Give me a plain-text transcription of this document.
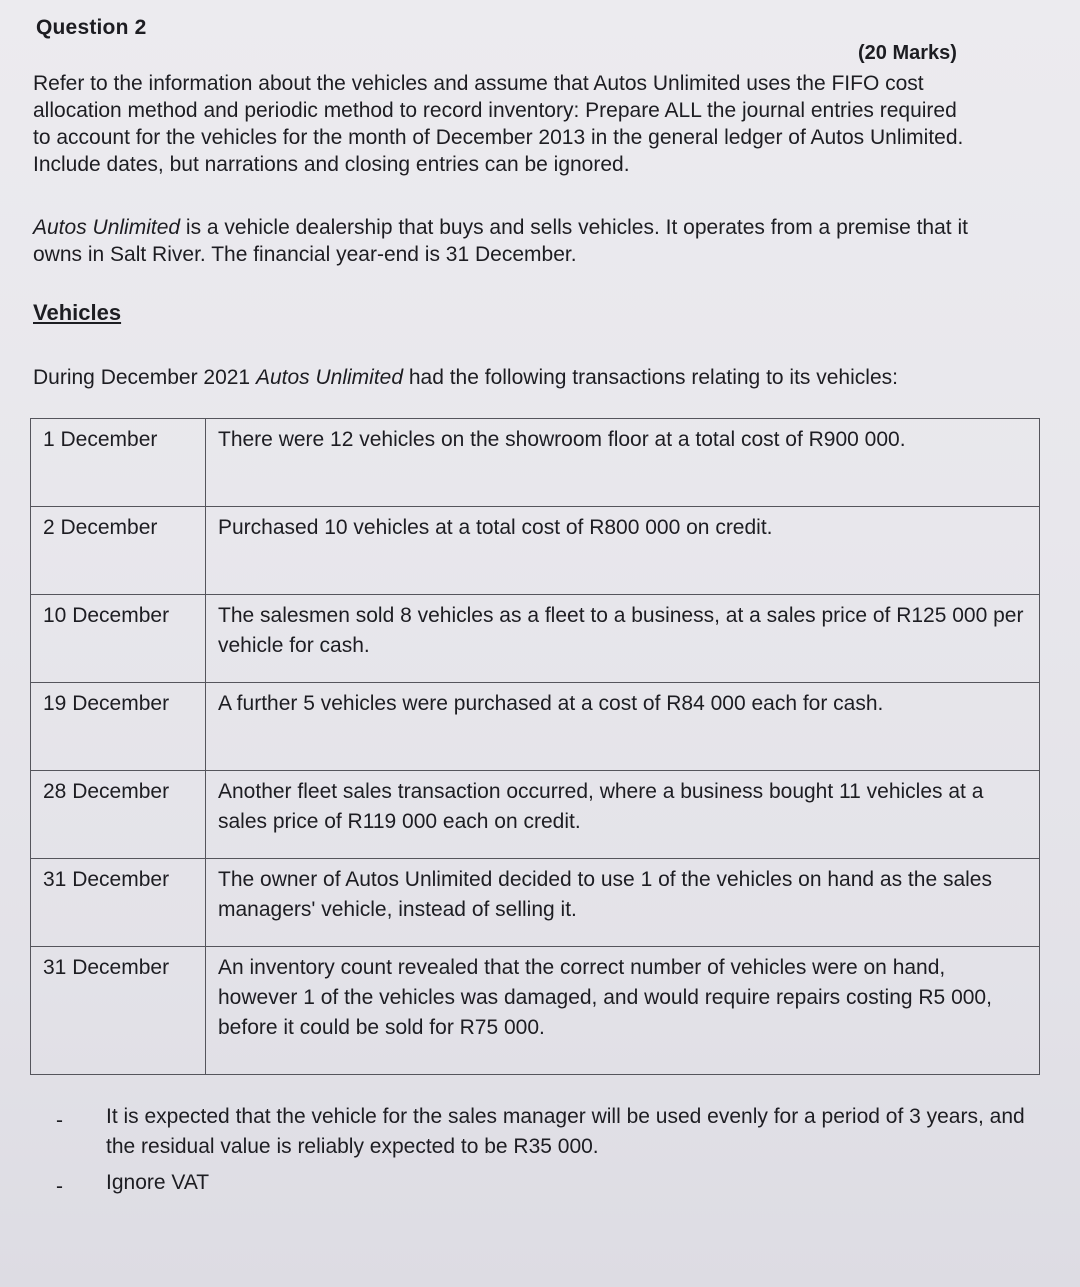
Question 2
(20 Marks)
Refer to the information about the vehicles and assume that Autos Unlimited uses the FIFO cost allocation method and periodic method to record inventory: Prepare ALL the journal entries required to account for the vehicles for the month of December 2013 in the general ledger of Autos Unlimited. Include dates, but narrations and closing entries can be ignored.
Autos Unlimited is a vehicle dealership that buys and sells vehicles. It operates from a premise that it owns in Salt River. The financial year-end is 31 December.
Vehicles
During December 2021 Autos Unlimited had the following transactions relating to its vehicles:
1 December	There were 12 vehicles on the showroom floor at a total cost of R900 000.
2 December	Purchased 10 vehicles at a total cost of R800 000 on credit.
10 December	The salesmen sold 8 vehicles as a fleet to a business, at a sales price of R125 000 per vehicle for cash.
19 December	A further 5 vehicles were purchased at a cost of R84 000 each for cash.
28 December	Another fleet sales transaction occurred, where a business bought 11 vehicles at a sales price of R119 000 each on credit.
31 December	The owner of Autos Unlimited decided to use 1 of the vehicles on hand as the sales managers' vehicle, instead of selling it.
31 December	An inventory count revealed that the correct number of vehicles were on hand, however 1 of the vehicles was damaged, and would require repairs costing R5 000, before it could be sold for R75 000.
-	It is expected that the vehicle for the sales manager will be used evenly for a period of 3 years, and the residual value is reliably expected to be R35 000.
-	Ignore VAT
